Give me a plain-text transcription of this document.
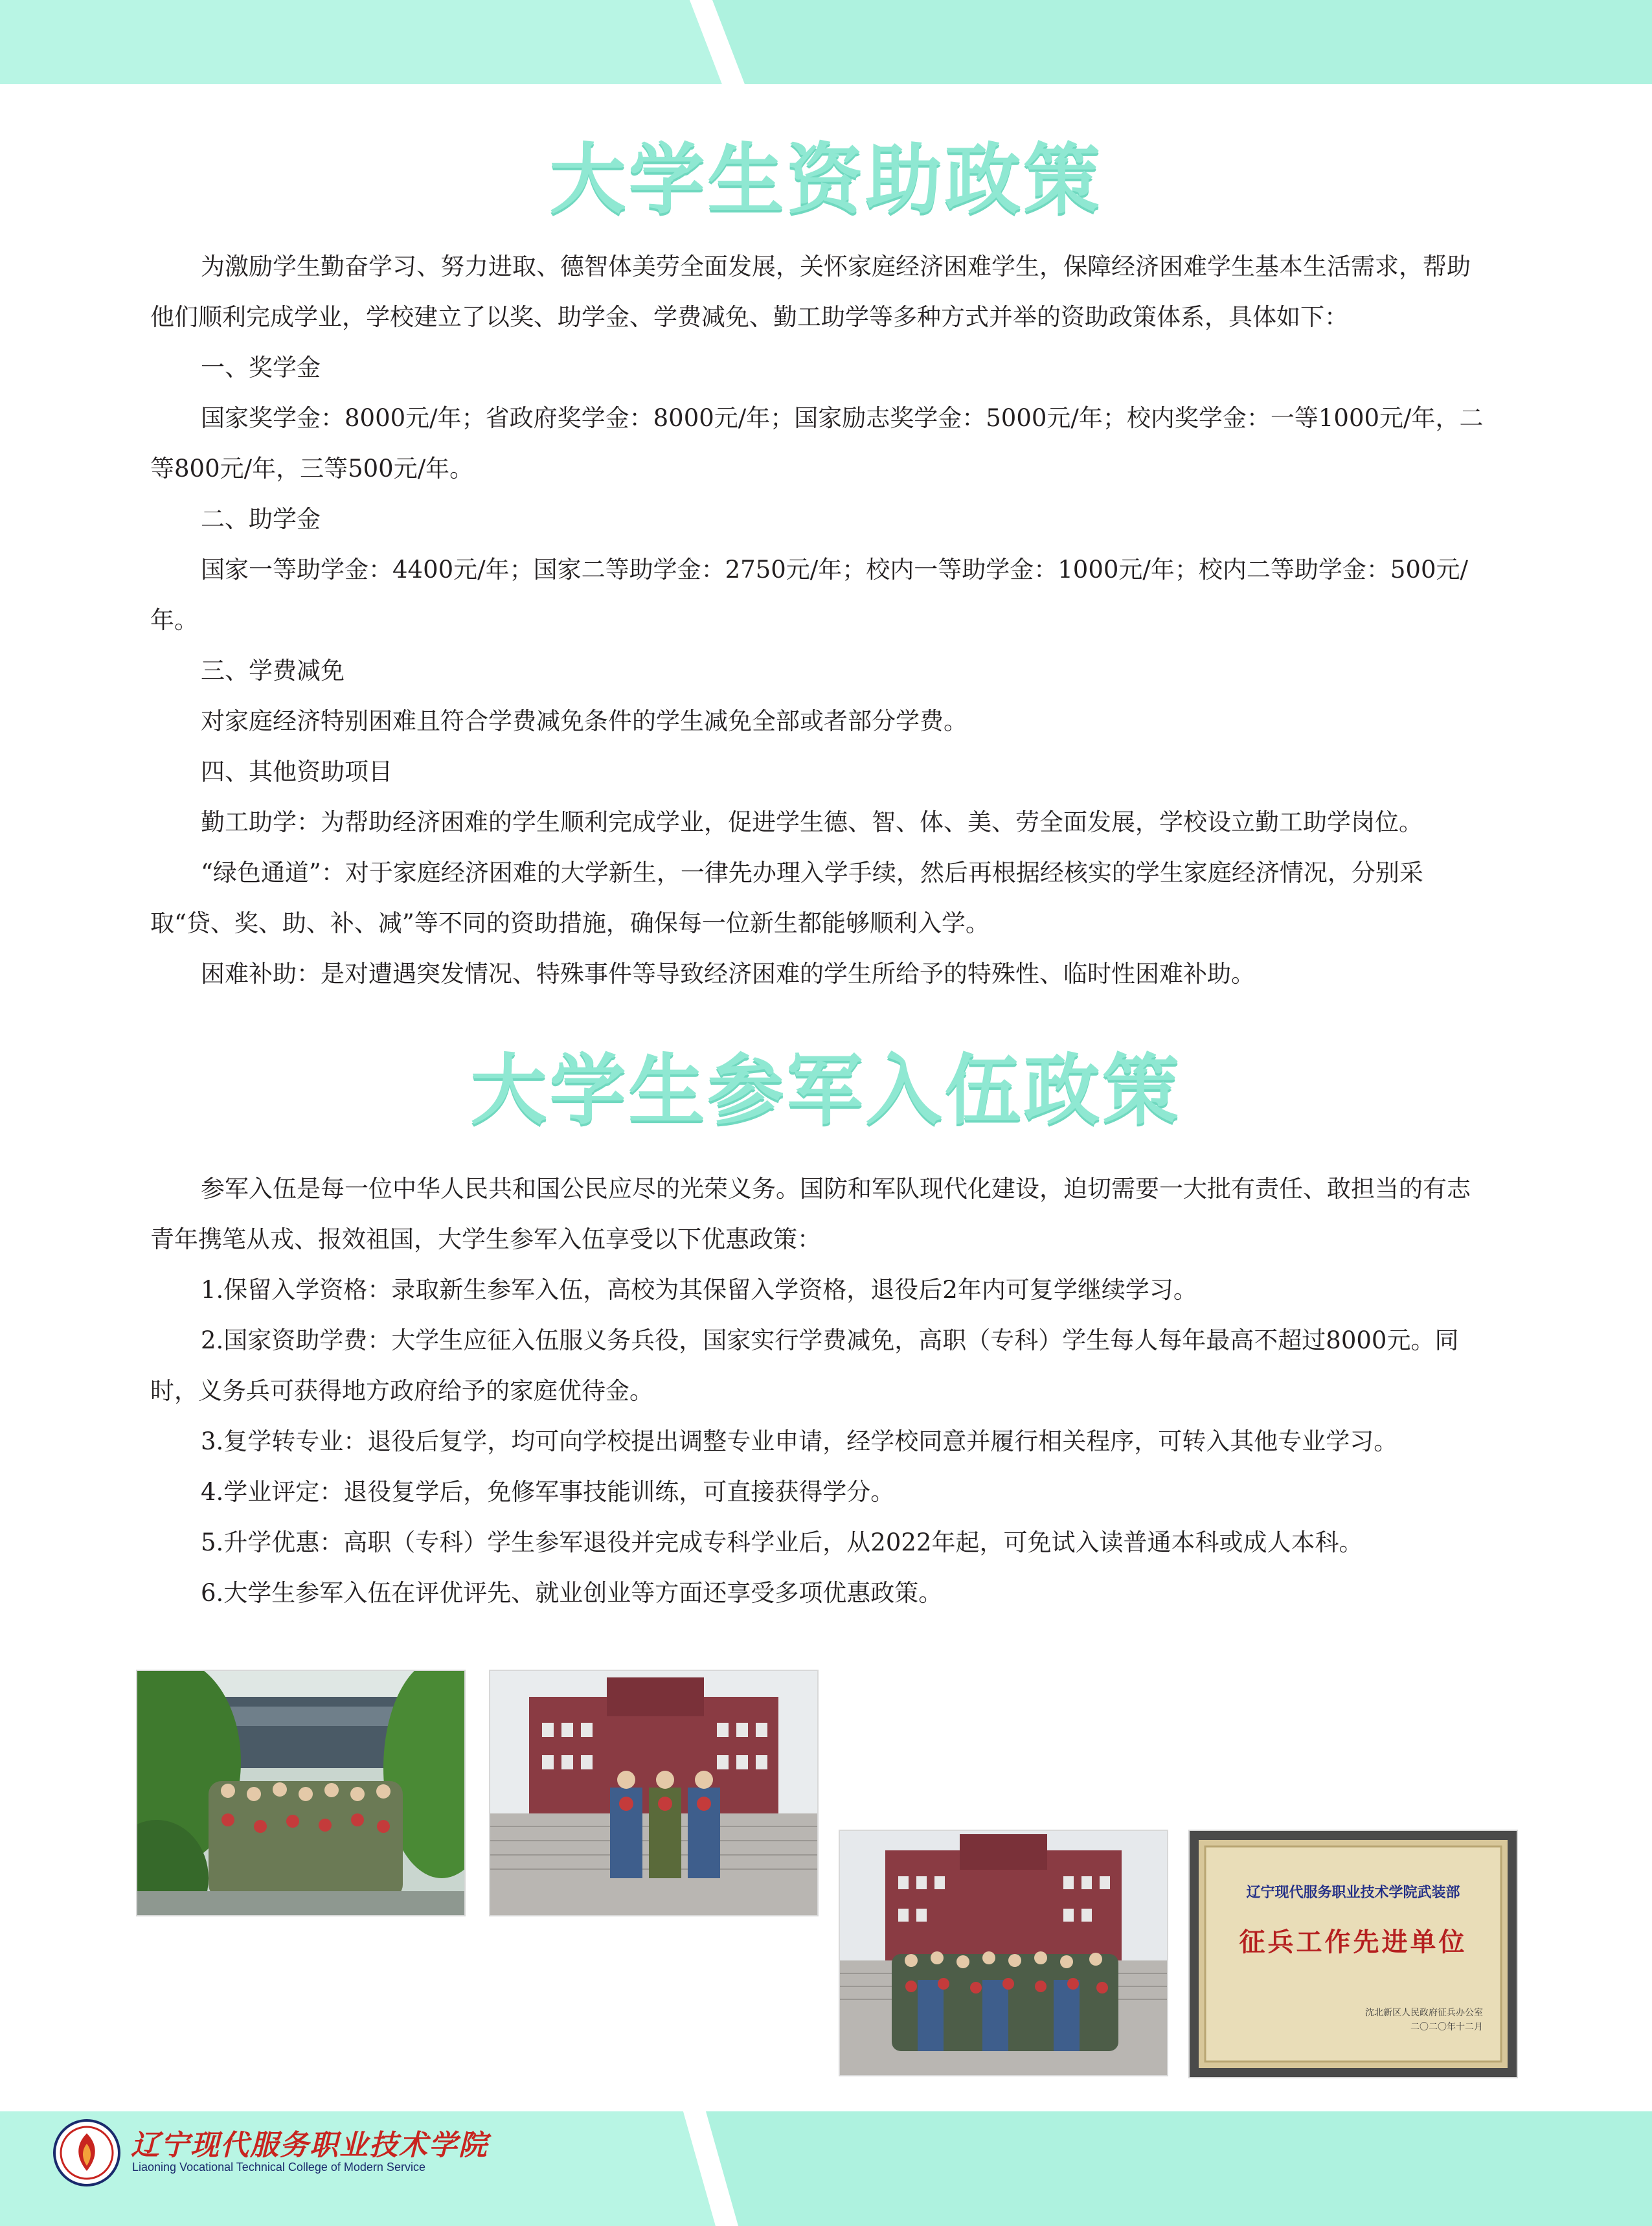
大学生资助政策

为激励学生勤奋学习、努力进取、德智体美劳全面发展，关怀家庭经济困难学生，保障经济困难学生基本生活需求，帮助他们顺利完成学业，学校建立了以奖、助学金、学费减免、勤工助学等多种方式并举的资助政策体系，具体如下：

一、奖学金

国家奖学金：8000元/年；省政府奖学金：8000元/年；国家励志奖学金：5000元/年；校内奖学金：一等1000元/年，二等800元/年，三等500元/年。

二、助学金

国家一等助学金：4400元/年；国家二等助学金：2750元/年；校内一等助学金：1000元/年；校内二等助学金：500元/年。

三、学费减免

对家庭经济特别困难且符合学费减免条件的学生减免全部或者部分学费。

四、其他资助项目

勤工助学：为帮助经济困难的学生顺利完成学业，促进学生德、智、体、美、劳全面发展，学校设立勤工助学岗位。

“绿色通道”：对于家庭经济困难的大学新生，一律先办理入学手续，然后再根据经核实的学生家庭经济情况，分别采取“贷、奖、助、补、减”等不同的资助措施，确保每一位新生都能够顺利入学。

困难补助：是对遭遇突发情况、特殊事件等导致经济困难的学生所给予的特殊性、临时性困难补助。

大学生参军入伍政策

参军入伍是每一位中华人民共和国公民应尽的光荣义务。国防和军队现代化建设，迫切需要一大批有责任、敢担当的有志青年携笔从戎、报效祖国，大学生参军入伍享受以下优惠政策：

1.保留入学资格：录取新生参军入伍，高校为其保留入学资格，退役后2年内可复学继续学习。

2.国家资助学费：大学生应征入伍服义务兵役，国家实行学费减免，高职（专科）学生每人每年最高不超过8000元。同时，义务兵可获得地方政府给予的家庭优待金。

3.复学转专业：退役后复学，均可向学校提出调整专业申请，经学校同意并履行相关程序，可转入其他专业学习。

4.学业评定：退役复学后，免修军事技能训练，可直接获得学分。

5.升学优惠：高职（专科）学生参军退役并完成专科学业后，从2022年起，可免试入读普通本科或成人本科。

6.大学生参军入伍在评优评先、就业创业等方面还享受多项优惠政策。

辽宁现代服务职业技术学院武装部
征兵工作先进单位
沈北新区人民政府征兵办公室
二〇二〇年十二月
辽宁现代服务职业技术学院
Liaoning Vocational Technical College of Modern Service
